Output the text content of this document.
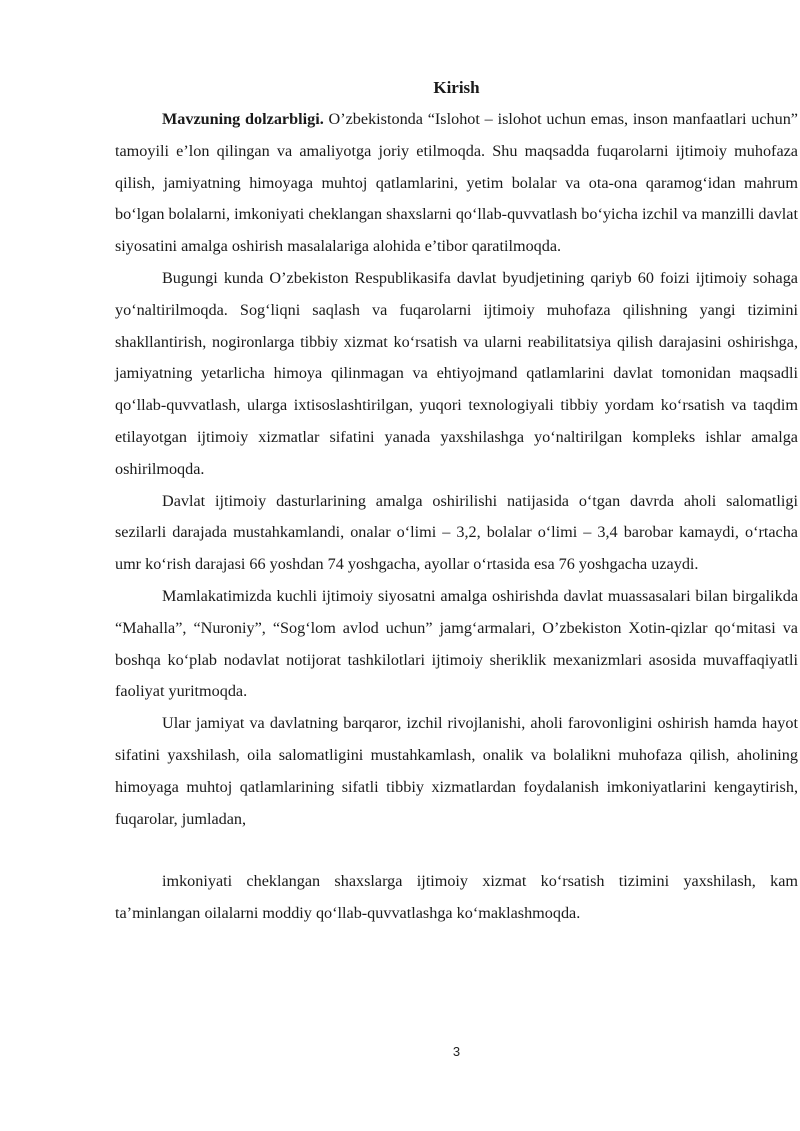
Kirish

Mavzuning dolzarbligi. O’zbekistonda “Islohot – islohot uchun emas, inson manfaatlari uchun” tamoyili e’lon qilingan va amaliyotga joriy etilmoqda. Shu maqsadda fuqarolarni ijtimoiy muhofaza qilish, jamiyatning himoyaga muhtoj qatlamlarini, yetim bolalar va ota-ona qaramog‘idan mahrum bo‘lgan bolalarni, imkoniyati cheklangan shaxslarni qo‘llab-quvvatlash bo‘yicha izchil va manzilli davlat siyosatini amalga oshirish masalalariga alohida e’tibor qaratilmoqda.

Bugungi kunda O’zbekiston Respublikasifa davlat byudjetining qariyb 60 foizi ijtimoiy sohaga yo‘naltirilmoqda. Sog‘liqni saqlash va fuqarolarni ijtimoiy muhofaza qilishning yangi tizimini shakllantirish, nogironlarga tibbiy xizmat ko‘rsatish va ularni reabilitatsiya qilish darajasini oshirishga, jamiyatning yetarlicha himoya qilinmagan va ehtiyojmand qatlamlarini davlat tomonidan maqsadli qo‘llab-quvvatlash, ularga ixtisoslashtirilgan, yuqori texnologiyali tibbiy yordam ko‘rsatish va taqdim etilayotgan ijtimoiy xizmatlar sifatini yanada yaxshilashga yo‘naltirilgan kompleks ishlar amalga oshirilmoqda.

Davlat ijtimoiy dasturlarining amalga oshirilishi natijasida o‘tgan davrda aholi salomatligi sezilarli darajada mustahkamlandi, onalar o‘limi – 3,2, bolalar o‘limi – 3,4 barobar kamaydi, o‘rtacha umr ko‘rish darajasi 66 yoshdan 74 yoshgacha, ayollar o‘rtasida esa 76 yoshgacha uzaydi.

Mamlakatimizda kuchli ijtimoiy siyosatni amalga oshirishda davlat muassasalari bilan birgalikda “Mahalla”, “Nuroniy”, “Sog‘lom avlod uchun” jamg‘armalari, O’zbekiston Xotin-qizlar qo‘mitasi va boshqa ko‘plab nodavlat notijorat tashkilotlari ijtimoiy sheriklik mexanizmlari asosida muvaffaqiyatli faoliyat yuritmoqda.

Ular jamiyat va davlatning barqaror, izchil rivojlanishi, aholi farovonligini oshirish hamda hayot sifatini yaxshilash, oila salomatligini mustahkamlash, onalik va bolalikni muhofaza qilish, aholining himoyaga muhtoj qatlamlarining sifatli tibbiy xizmatlardan foydalanish imkoniyatlarini kengaytirish, fuqarolar, jumladan,

imkoniyati cheklangan shaxslarga ijtimoiy xizmat ko‘rsatish tizimini yaxshilash, kam ta’minlangan oilalarni moddiy qo‘llab-quvvatlashga ko‘maklashmoqda.

3
